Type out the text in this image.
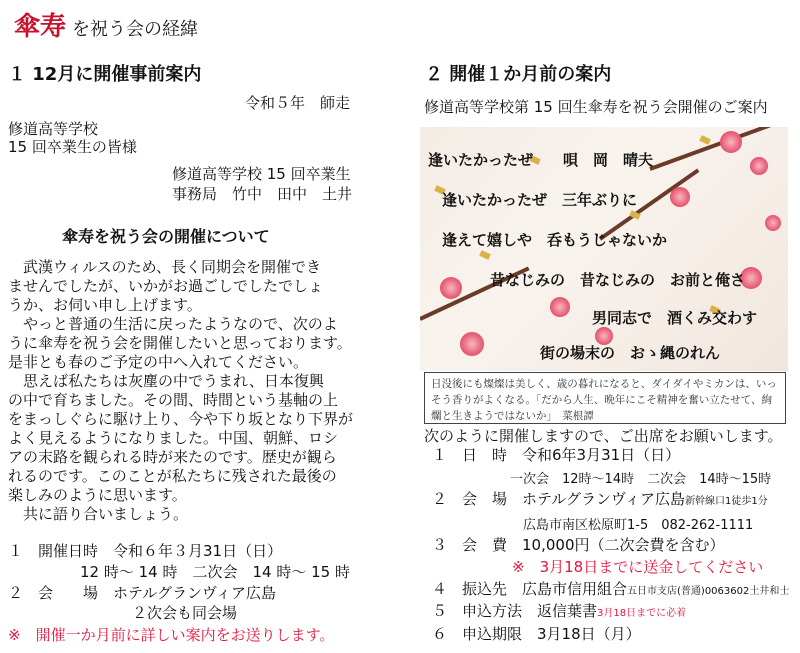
傘寿 を祝う会の経緯
１ 12月に開催事前案内
令和５年　師走
修道高等学校
15 回卒業生の皆様
修道高等学校 15 回卒業生
事務局　竹中　田中　土井
傘寿を祝う会の開催について
　武漢ウィルスのため、長く同期会を開催でき
ませんでしたが、いかがお過ごしでしたでしょ
うか、お伺い申し上げます。
　やっと普通の生活に戻ったようなので、次のよ
うに傘寿を祝う会を開催したいと思っております。
是非とも春のご予定の中へ入れてください。
　思えば私たちは灰塵の中でうまれ、日本復興
の中で育ちました。その間、時間という基軸の上
をまっしぐらに駆け上り、今や下り坂となり下界が
よく見えるようになりました。中国、朝鮮、ロシ
アの末路を観られる時が来たのです。歴史が観ら
れるのです。このことが私たちに残された最後の
楽しみのように思います。
　共に語り合いましょう。
１　開催日時　令和６年３月31日（日）
12 時～ 14 時　二次会　14 時～ 15 時
２　会　　場　ホテルグランヴィア広島
２次会も同会場
※　開催一か月前に詳しい案内をお送りします。
２ 開催１か月前の案内
修道高等学校第 15 回生傘寿を祝う会開催のご案内
逢いたかったぜ　　唄　岡　晴夫
逢いたかったぜ　三年ぶりに
逢えて嬉しや　呑もうじゃないか
昔なじみの　昔なじみの　お前と俺さ
男同志で　酒くみ交わす
街の場末の　おゝ縄のれん
日没後にも燦燦は美しく、歳の暮れになると、ダイダイやミカンは、いっそう香りがよくなる。「だから人生、晩年にこそ精神を奮い立たせて、絢爛と生きようではないか」　菜根譚
次のように開催しますので、ご出席をお願いします。
１　日　時　令和6年3月31日（日）
一次会　12時～14時　二次会　14時～15時
２　会　場　ホテルグランヴィア広島新幹線口1徒歩1分
広島市南区松原町1-5　082-262-1111
３　会　費　10,000円（二次会費を含む）
※　3月18日までに送金してください
４　振込先　広島市信用組合五日市支店(普通)0063602土井和士
５　申込方法　返信葉書3月18日までに必着
６　申込期限　3月18日（月）
